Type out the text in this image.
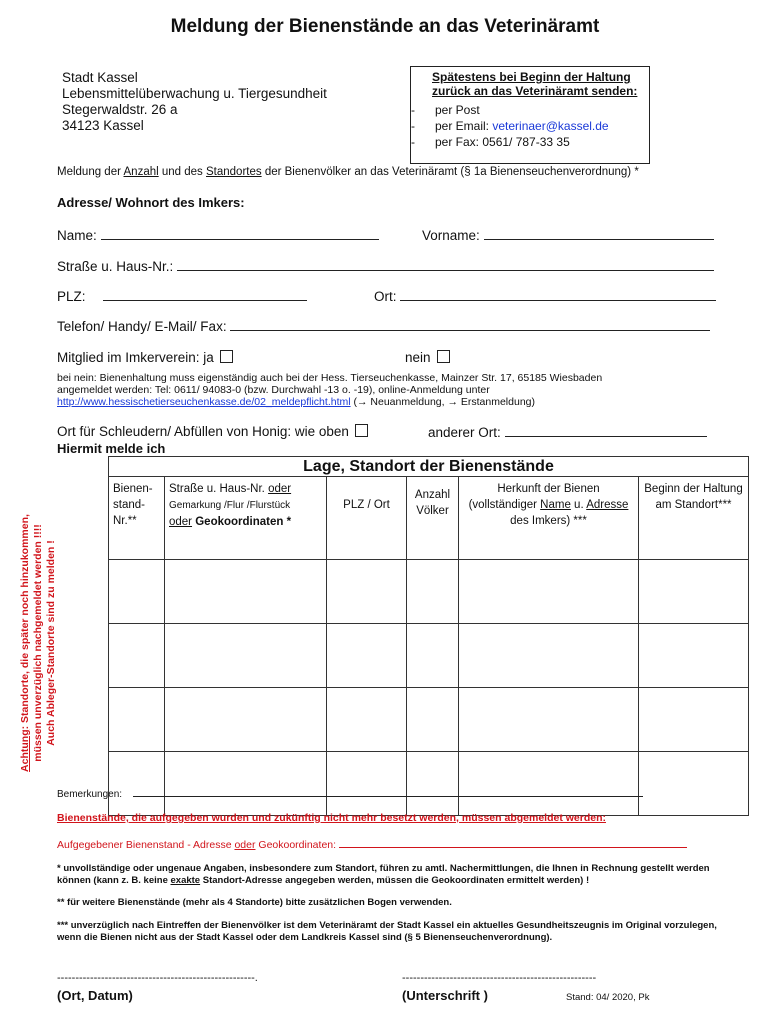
Meldung der Bienenstände an das Veterinäramt
Stadt Kassel
Lebensmittelüberwachung u. Tiergesundheit
Stegerwaldstr. 26 a
34123 Kassel
Spätestens bei Beginn der Haltung zurück an das Veterinäramt senden:
- per Post
- per Email: veterinaer@kassel.de
- per Fax: 0561/ 787-33 35
Meldung der Anzahl und des Standortes der Bienenvölker an das Veterinäramt (§ 1a Bienenseuchenverordnung) *
Adresse/ Wohnort des Imkers:
Name:	Vorname:
Straße u. Haus-Nr.:
PLZ:	Ort:
Telefon/ Handy/ E-Mail/ Fax:
Mitglied im Imkerverein: ja	nein
bei nein: Bienenhaltung muss eigenständig auch bei der Hess. Tierseuchenkasse, Mainzer Str. 17, 65185 Wiesbaden
angemeldet werden: Tel: 0611/ 94083-0 (bzw. Durchwahl -13 o. -19), online-Anmeldung unter
http://www.hessischetierseuchenkasse.de/02_meldepflicht.html (→ Neuanmeldung, → Erstanmeldung)
Ort für Schleudern/ Abfüllen von Honig: wie oben	anderer Ort:
Hiermit melde ich
Achtung: Standorte, die später noch hinzukommen, müssen unverzüglich nachgemeldet werden !!!! Auch Ableger-Standorte sind zu melden !
Lage, Standort der Bienenstände					
Bienen-stand-Nr.**	Straße u. Haus-Nr. oder
Gemarkung /Flur /Flurstück
oder Geokoordinaten *	PLZ / Ort	Anzahl Völker	Herkunft der Bienen (vollständiger Name u. Adresse des Imkers) ***	Beginn der Haltung am Standort***

Bemerkungen:
Bienenstände, die aufgegeben wurden und zukünftig nicht mehr besetzt werden, müssen abgemeldet werden:
Aufgegebener Bienenstand - Adresse oder Geokoordinaten:
* unvollständige oder ungenaue Angaben, insbesondere zum Standort, führen zu amtl. Nachermittlungen, die Ihnen in Rechnung gestellt werden können (kann z. B. keine exakte Standort-Adresse angegeben werden, müssen die Geokoordinaten ermittelt werden) !
** für weitere Bienenstände (mehr als 4 Standorte) bitte zusätzlichen Bogen verwenden.
*** unverzüglich nach Eintreffen der Bienenvölker ist dem Veterinäramt der Stadt Kassel ein aktuelles Gesundheitszeugnis im Original vorzulegen, wenn die Bienen nicht aus der Stadt Kassel oder dem Landkreis Kassel sind (§ 5 Bienenseuchenverordnung).
------------------------------------------------------.	-----------------------------------------------------
(Ort, Datum)	(Unterschrift )	Stand: 04/ 2020, Pk
